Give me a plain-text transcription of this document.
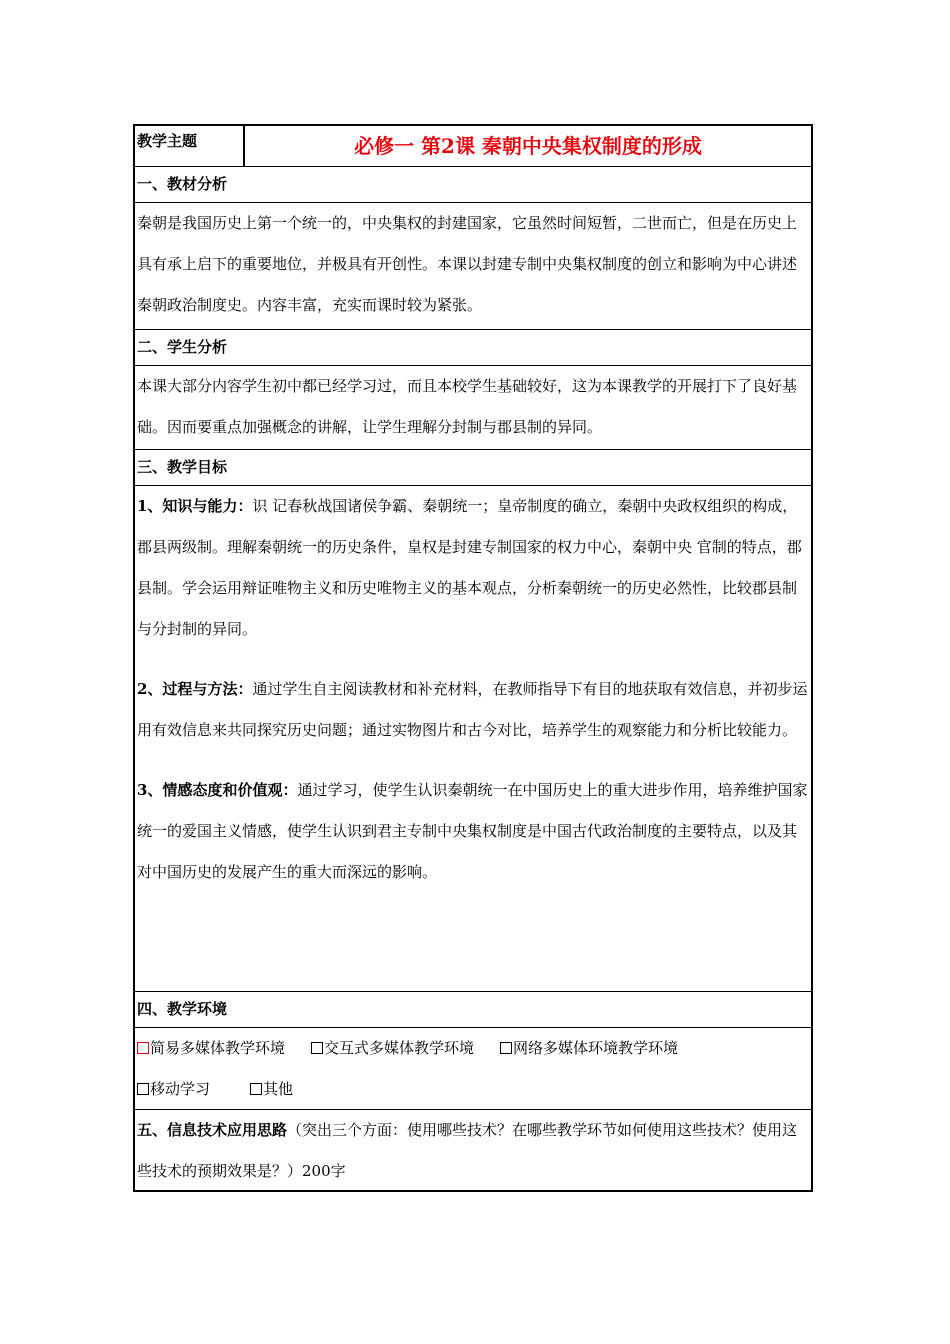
教学主题	必修一 第2课 秦朝中央集权制度的形成
一、教材分析

秦朝是我国历史上第一个统一的，中央集权的封建国家，它虽然时间短暂，二世而亡，但是在历史上具有承上启下的重要地位，并极具有开创性。本课以封建专制中央集权制度的创立和影响为中心讲述秦朝政治制度史。内容丰富，充实而课时较为紧张。

二、学生分析

本课大部分内容学生初中都已经学习过，而且本校学生基础较好，这为本课教学的开展打下了良好基础。因而要重点加强概念的讲解，让学生理解分封制与郡县制的异同。

三、教学目标

1、知识与能力：识 记春秋战国诸侯争霸、秦朝统一；皇帝制度的确立，秦朝中央政权组织的构成，郡县两级制。理解秦朝统一的历史条件，皇权是封建专制国家的权力中心，秦朝中央 官制的特点，郡县制。学会运用辩证唯物主义和历史唯物主义的基本观点，分析秦朝统一的历史必然性，比较郡县制与分封制的异同。

2、过程与方法：通过学生自主阅读教材和补充材料，在教师指导下有目的地获取有效信息，并初步运用有效信息来共同探究历史问题；通过实物图片和古今对比，培养学生的观察能力和分析比较能力。

3、情感态度和价值观：通过学习，使学生认识秦朝统一在中国历史上的重大进步作用，培养维护国家统一的爱国主义情感，使学生认识到君主专制中央集权制度是中国古代政治制度的主要特点，以及其对中国历史的发展产生的重大而深远的影响。

四、教学环境
简易多媒体教学环境	交互式多媒体教学环境	网络多媒体环境教学环境
移动学习	其他

五、信息技术应用思路（突出三个方面：使用哪些技术？在哪些教学环节如何使用这些技术？使用这些技术的预期效果是？）200字
